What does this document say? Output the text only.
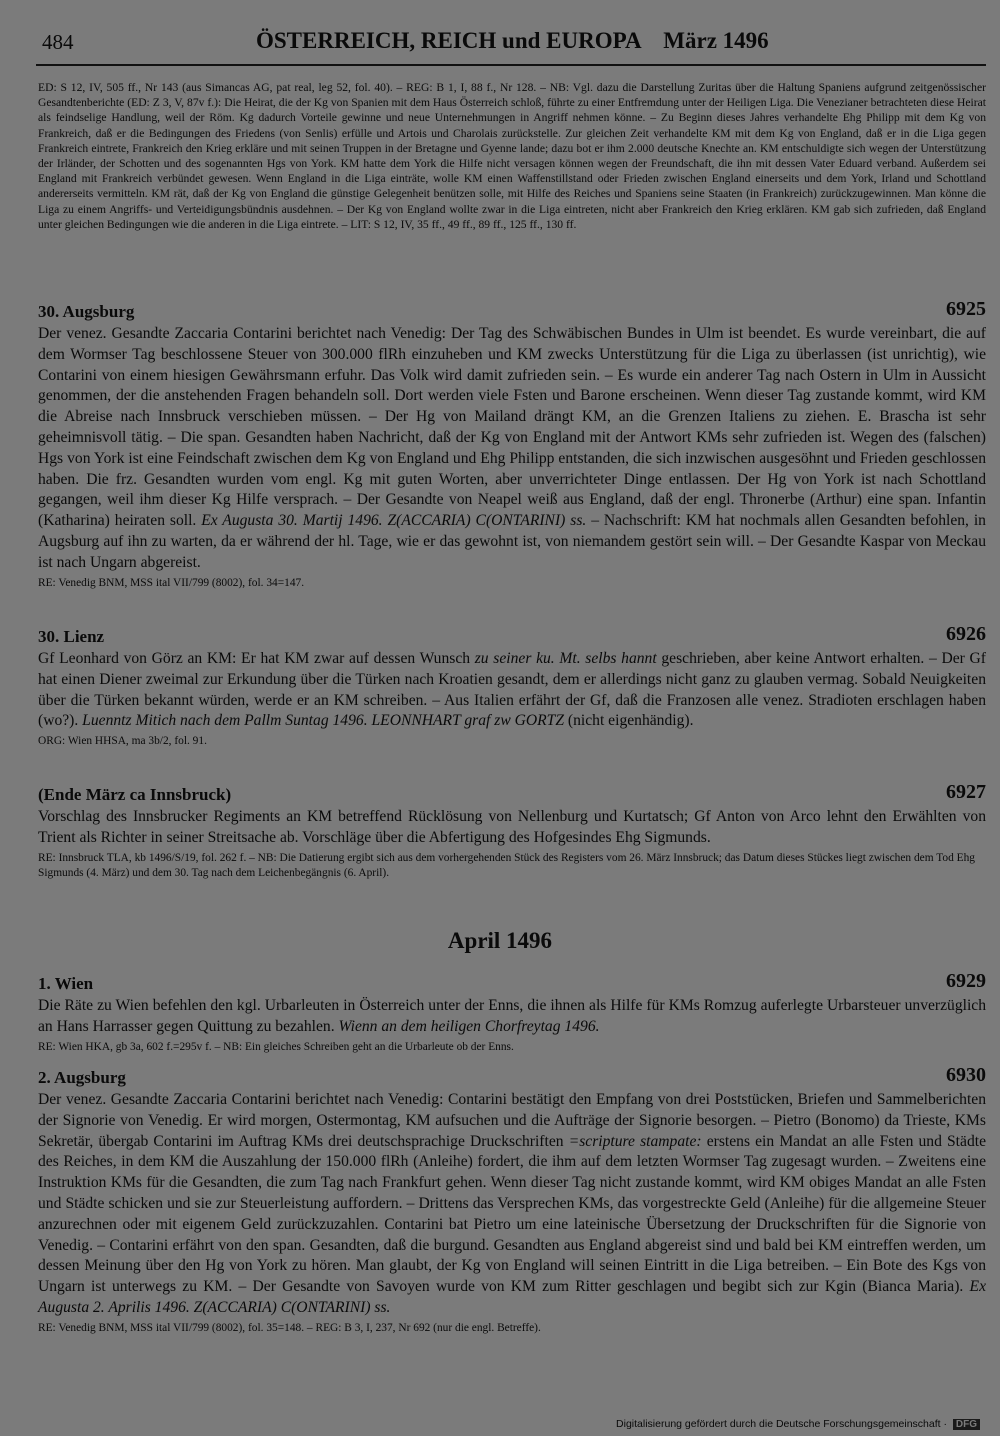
484	ÖSTERREICH, REICH und EUROPA    März 1496
ED: S 12, IV, 505 ff., Nr 143 (aus Simancas AG, pat real, leg 52, fol. 40). – REG: B 1, I, 88 f., Nr 128. – NB: Vgl. dazu die Darstellung Zuritas über die Haltung Spaniens aufgrund zeitgenössischer Gesandtenberichte (ED: Z 3, V, 87v f.): Die Heirat, die der Kg von Spanien mit dem Haus Österreich schloß, führte zu einer Entfremdung unter der Heiligen Liga. Die Venezianer betrachteten diese Heirat als feindselige Handlung, weil der Röm. Kg dadurch Vorteile gewinne und neue Unternehmungen in Angriff nehmen könne. – Zu Beginn dieses Jahres verhandelte Ehg Philipp mit dem Kg von Frankreich, daß er die Bedingungen des Friedens (von Senlis) erfülle und Artois und Charolais zurückstelle. Zur gleichen Zeit verhandelte KM mit dem Kg von England, daß er in die Liga gegen Frankreich eintrete, Frankreich den Krieg erkläre und mit seinen Truppen in der Bretagne und Gyenne lande; dazu bot er ihm 2.000 deutsche Knechte an. KM entschuldigte sich wegen der Unterstützung der Irländer, der Schotten und des sogenannten Hgs von York. KM hatte dem York die Hilfe nicht versagen können wegen der Freundschaft, die ihn mit dessen Vater Eduard verband. Außerdem sei England mit Frankreich verbündet gewesen. Wenn England in die Liga einträte, wolle KM einen Waffenstillstand oder Frieden zwischen England einerseits und dem York, Irland und Schottland andererseits vermitteln. KM rät, daß der Kg von England die günstige Gelegenheit benützen solle, mit Hilfe des Reiches und Spaniens seine Staaten (in Frankreich) zurückzugewinnen. Man könne die Liga zu einem Angriffs- und Verteidigungsbündnis ausdehnen. – Der Kg von England wollte zwar in die Liga eintreten, nicht aber Frankreich den Krieg erklären. KM gab sich zufrieden, daß England unter gleichen Bedingungen wie die anderen in die Liga eintrete. – LIT: S 12, IV, 35 ff., 49 ff., 89 ff., 125 ff., 130 ff.
30. Augsburg	6925
Der venez. Gesandte Zaccaria Contarini berichtet nach Venedig: Der Tag des Schwäbischen Bundes in Ulm ist beendet. Es wurde vereinbart, die auf dem Wormser Tag beschlossene Steuer von 300.000 flRh einzuheben und KM zwecks Unterstützung für die Liga zu überlassen (ist unrichtig), wie Contarini von einem hiesigen Gewährsmann erfuhr. Das Volk wird damit zufrieden sein. – Es wurde ein anderer Tag nach Ostern in Ulm in Aussicht genommen, der die anstehenden Fragen behandeln soll. Dort werden viele Fsten und Barone erscheinen. Wenn dieser Tag zustande kommt, wird KM die Abreise nach Innsbruck verschieben müssen. – Der Hg von Mailand drängt KM, an die Grenzen Italiens zu ziehen. E. Brascha ist sehr geheimnisvoll tätig. – Die span. Gesandten haben Nachricht, daß der Kg von England mit der Antwort KMs sehr zufrieden ist. Wegen des (falschen) Hgs von York ist eine Feindschaft zwischen dem Kg von England und Ehg Philipp entstanden, die sich inzwischen ausgesöhnt und Frieden geschlossen haben. Die frz. Gesandten wurden vom engl. Kg mit guten Worten, aber unverrichteter Dinge entlassen. Der Hg von York ist nach Schottland gegangen, weil ihm dieser Kg Hilfe versprach. – Der Gesandte von Neapel weiß aus England, daß der engl. Thronerbe (Arthur) eine span. Infantin (Katharina) heiraten soll. Ex Augusta 30. Martij 1496. Z(ACCARIA) C(ONTARINI) ss. – Nachschrift: KM hat nochmals allen Gesandten befohlen, in Augsburg auf ihn zu warten, da er während der hl. Tage, wie er das gewohnt ist, von niemandem gestört sein will. – Der Gesandte Kaspar von Meckau ist nach Ungarn abgereist.
RE: Venedig BNM, MSS ital VII/799 (8002), fol. 34=147.
30. Lienz	6926
Gf Leonhard von Görz an KM: Er hat KM zwar auf dessen Wunsch zu seiner ku. Mt. selbs hannt geschrieben, aber keine Antwort erhalten. – Der Gf hat einen Diener zweimal zur Erkundung über die Türken nach Kroatien gesandt, dem er allerdings nicht ganz zu glauben vermag. Sobald Neuigkeiten über die Türken bekannt würden, werde er an KM schreiben. – Aus Italien erfährt der Gf, daß die Franzosen alle venez. Stradioten erschlagen haben (wo?). Luenntz Mitich nach dem Pallm Suntag 1496. LEONNHART graf zw GORTZ (nicht eigenhändig).
ORG: Wien HHSA, ma 3b/2, fol. 91.
(Ende März ca Innsbruck)	6927
Vorschlag des Innsbrucker Regiments an KM betreffend Rücklösung von Nellenburg und Kurtatsch; Gf Anton von Arco lehnt den Erwählten von Trient als Richter in seiner Streitsache ab. Vorschläge über die Abfertigung des Hofgesindes Ehg Sigmunds.
RE: Innsbruck TLA, kb 1496/S/19, fol. 262 f. – NB: Die Datierung ergibt sich aus dem vorhergehenden Stück des Registers vom 26. März Innsbruck; das Datum dieses Stückes liegt zwischen dem Tod Ehg Sigmunds (4. März) und dem 30. Tag nach dem Leichenbegängnis (6. April).
April 1496
1. Wien	6929
Die Räte zu Wien befehlen den kgl. Urbarleuten in Österreich unter der Enns, die ihnen als Hilfe für KMs Romzug auferlegte Urbarsteuer unverzüglich an Hans Harrasser gegen Quittung zu bezahlen. Wienn an dem heiligen Chorfreytag 1496.
RE: Wien HKA, gb 3a, 602 f.=295v f. – NB: Ein gleiches Schreiben geht an die Urbarleute ob der Enns.
2. Augsburg	6930
Der venez. Gesandte Zaccaria Contarini berichtet nach Venedig: Contarini bestätigt den Empfang von drei Poststücken, Briefen und Sammelberichten der Signorie von Venedig. Er wird morgen, Ostermontag, KM aufsuchen und die Aufträge der Signorie besorgen. – Pietro (Bonomo) da Trieste, KMs Sekretär, übergab Contarini im Auftrag KMs drei deutschsprachige Druckschriften =scripture stampate: erstens ein Mandat an alle Fsten und Städte des Reiches, in dem KM die Auszahlung der 150.000 flRh (Anleihe) fordert, die ihm auf dem letzten Wormser Tag zugesagt wurden. – Zweitens eine Instruktion KMs für die Gesandten, die zum Tag nach Frankfurt gehen. Wenn dieser Tag nicht zustande kommt, wird KM obiges Mandat an alle Fsten und Städte schicken und sie zur Steuerleistung auffordern. – Drittens das Versprechen KMs, das vorgestreckte Geld (Anleihe) für die allgemeine Steuer anzurechnen oder mit eigenem Geld zurückzuzahlen. Contarini bat Pietro um eine lateinische Übersetzung der Druckschriften für die Signorie von Venedig. – Contarini erfährt von den span. Gesandten, daß die burgund. Gesandten aus England abgereist sind und bald bei KM eintreffen werden, um dessen Meinung über den Hg von York zu hören. Man glaubt, der Kg von England will seinen Eintritt in die Liga betreiben. – Ein Bote des Kgs von Ungarn ist unterwegs zu KM. – Der Gesandte von Savoyen wurde von KM zum Ritter geschlagen und begibt sich zur Kgin (Bianca Maria). Ex Augusta 2. Aprilis 1496. Z(ACCARIA) C(ONTARINI) ss.
RE: Venedig BNM, MSS ital VII/799 (8002), fol. 35=148. – REG: B 3, I, 237, Nr 692 (nur die engl. Betreffe).
Digitalisierung gefördert durch die Deutsche Forschungsgemeinschaft · DFG
